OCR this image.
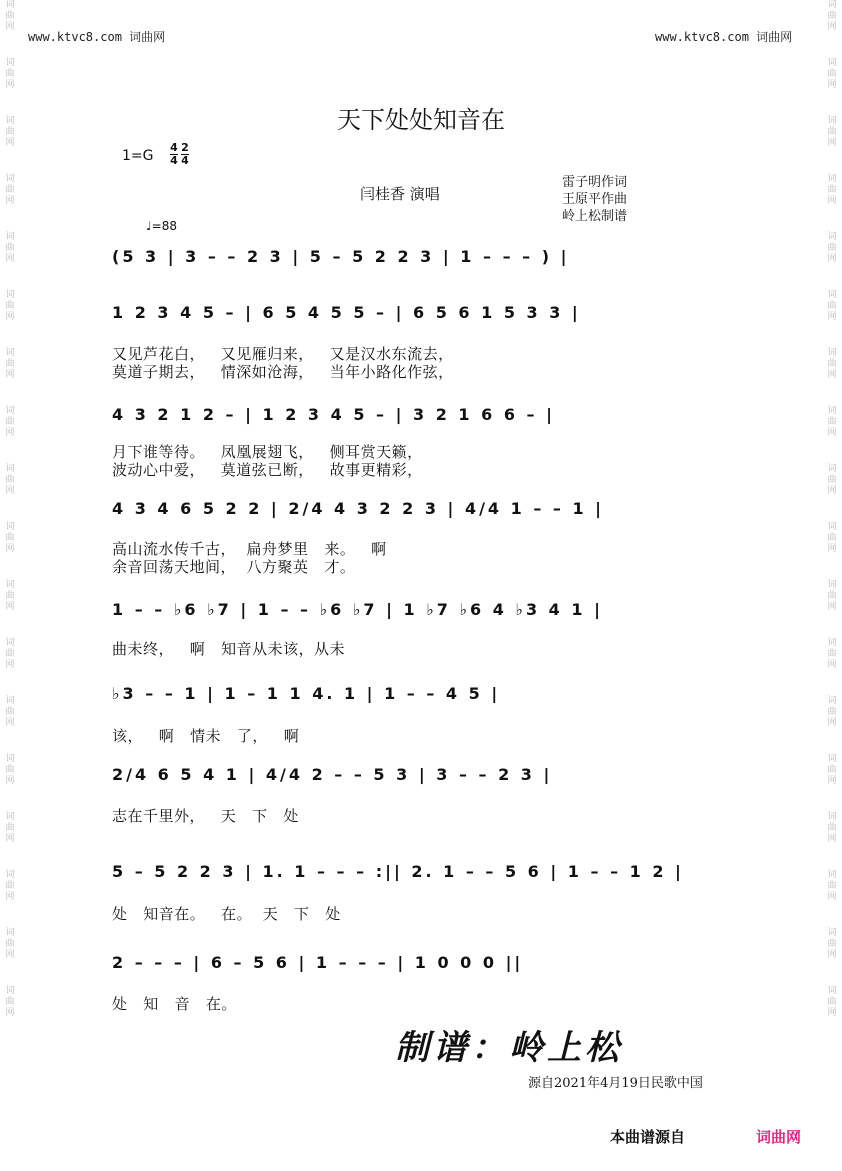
词曲网
词曲网
词曲网
词曲网
词曲网
词曲网
词曲网
词曲网
词曲网
词曲网
词曲网
词曲网
词曲网
词曲网
词曲网
词曲网
词曲网
词曲网
词曲网
词曲网
词曲网
词曲网
词曲网
词曲网
词曲网
词曲网
词曲网
词曲网
词曲网
词曲网
词曲网
词曲网
词曲网
词曲网
词曲网
词曲网
www.ktvc8.com 词曲网	www.ktvc8.com 词曲网
天下处处知音在
$1=G \frac{4}{4} \frac{2}{4}$
闫桂香 演唱
雷子明作词
王原平作曲
岭上松制谱
♩=88
(5 3 | 3 – – 2 3 | 5 – 5 2 2 3 | 1 – – – ) |
1 2 3 4 5 – | 6 5 4 5 5 – | 6 5 6 1 5 3 3 |
又见芦花白，   又见雁归来，   又是汉水东流去，
莫道子期去，   情深如沧海，   当年小路化作弦，
4 3 2 1 2 – | 1 2 3 4 5 – | 3 2 1 6 6 – |
月下谁等待。   凤凰展翅飞，   侧耳赏天籁，
波动心中爱，   莫道弦已断，   故事更精彩，
4 3 4 6 5 2 2 | 2/4 4 3 2 2 3 | 4/4 1 – – 1 |
高山流水传千古，  扁舟梦里   来。   啊
余音回荡天地间，  八方聚英   才。
1 – – ♭6 ♭7 | 1 – – ♭6 ♭7 | 1 ♭7 ♭6 4 ♭3 4 1 |
曲未终，   啊   知音从未该，从未
♭3 – – 1 | 1 – 1 1 4. 1 | 1 – – 4 5 |
该，   啊   情未   了，   啊
2/4 6 5 4 1 | 4/4 2 – – 5 3 | 3 – – 2 3 |
志在千里外，   天   下   处
5 – 5 2 2 3 | 1. 1 – – – :|| 2. 1 – – 5 6 | 1 – – 1 2 |
处   知音在。   在。  天   下   处
2 – – – | 6 – 5 6 | 1 – – – | 1 0 0 0 ||
处   知   音   在。
制谱：岭上松
源自2021年4月19日民歌中国
本曲谱源自	词曲网
